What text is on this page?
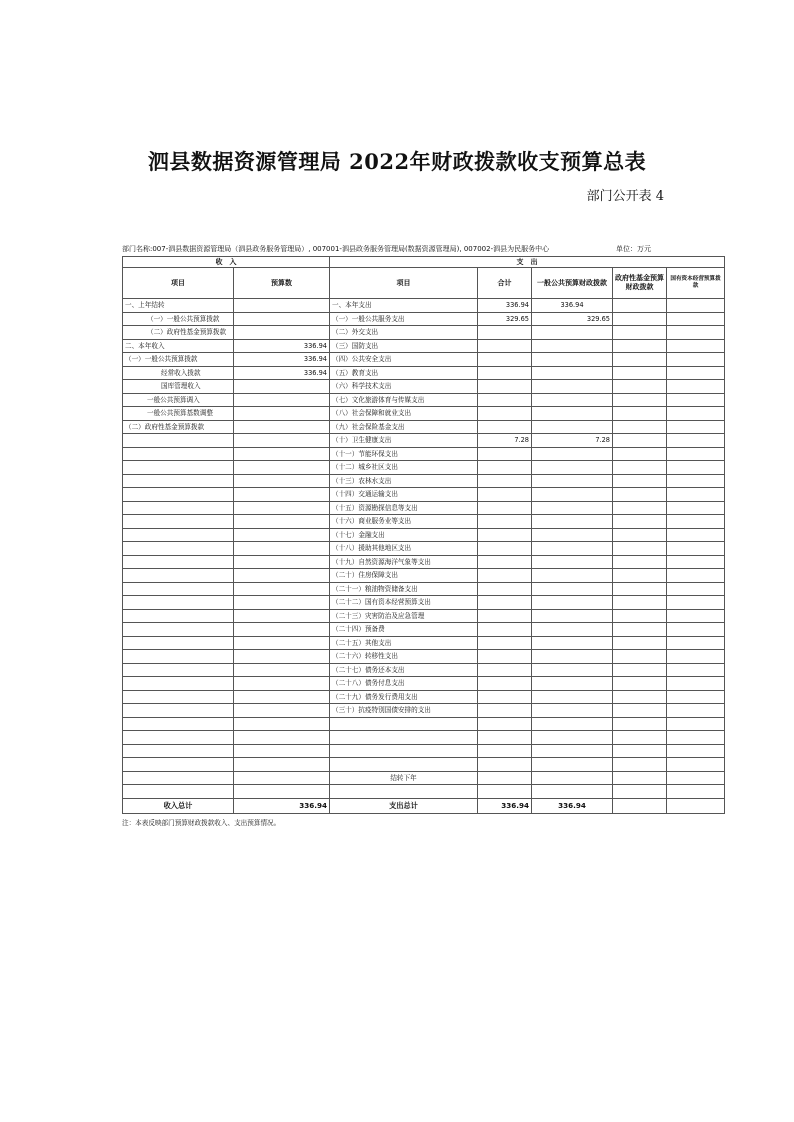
泗县数据资源管理局 2022年财政拨款收支预算总表
部门公开表 4
部门名称:007-泗县数据资源管理局（泗县政务服务管理局）, 007001-泗县政务服务管理局(数据资源管理局), 007002-泗县为民服务中心	单位：万元
收　入		支　出				
项目	预算数	项目	合计	一般公共预算财政拨款	政府性基金预算财政拨款	国有资本经营预算拨款
一、上年结转		一、本年支出	336.94	336.94		
（一）一般公共预算拨款		（一）一般公共服务支出	329.65	329.65		
（二）政府性基金预算拨款		（二）外交支出				
二、本年收入	336.94	（三）国防支出				
（一）一般公共预算拨款	336.94	（四）公共安全支出				
经常收入拨款	336.94	（五）教育支出				
国库管理收入		（六）科学技术支出				
一般公共预算调入		（七）文化旅游体育与传媒支出				
一般公共预算基数调整		（八）社会保障和就业支出				
（二）政府性基金预算拨款		（九）社会保险基金支出				
		（十）卫生健康支出	7.28	7.28		
		（十一）节能环保支出				
		（十二）城乡社区支出				
		（十三）农林水支出				
		（十四）交通运输支出				
		（十五）资源勘探信息等支出				
		（十六）商业服务业等支出				
		（十七）金融支出				
		（十八）援助其他地区支出				
		（十九）自然资源海洋气象等支出				
		（二十）住房保障支出				
		（二十一）粮油物资储备支出				
		（二十二）国有资本经营预算支出				
		（二十三）灾害防治及应急管理				
		（二十四）预备费				
		（二十五）其他支出				
		（二十六）转移性支出				
		（二十七）债务还本支出				
		（二十八）债务付息支出				
		（二十九）债务发行费用支出				
		（三十）抗疫特别国债安排的支出				

		结转下年				

收入总计	336.94	支出总计	336.94	336.94		
注：本表反映部门预算财政拨款收入、支出预算情况。
